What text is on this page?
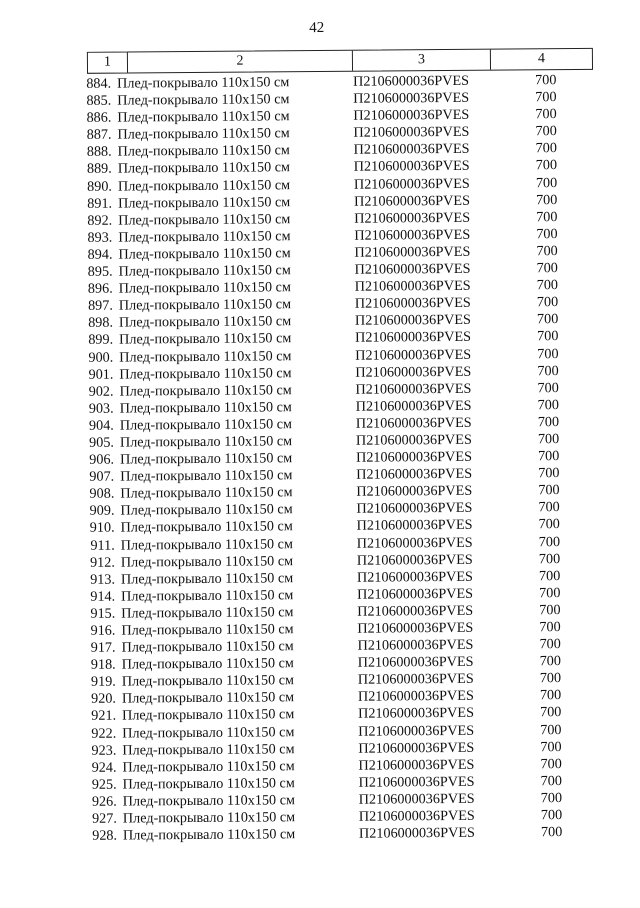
42
1	2	3	4
884. Плед-покрывало 110х150 см	П2106000036PVES	700
885. Плед-покрывало 110х150 см	П2106000036PVES	700
886. Плед-покрывало 110х150 см	П2106000036PVES	700
887. Плед-покрывало 110х150 см	П2106000036PVES	700
888. Плед-покрывало 110х150 см	П2106000036PVES	700
889. Плед-покрывало 110х150 см	П2106000036PVES	700
890. Плед-покрывало 110х150 см	П2106000036PVES	700
891. Плед-покрывало 110х150 см	П2106000036PVES	700
892. Плед-покрывало 110х150 см	П2106000036PVES	700
893. Плед-покрывало 110х150 см	П2106000036PVES	700
894. Плед-покрывало 110х150 см	П2106000036PVES	700
895. Плед-покрывало 110х150 см	П2106000036PVES	700
896. Плед-покрывало 110х150 см	П2106000036PVES	700
897. Плед-покрывало 110х150 см	П2106000036PVES	700
898. Плед-покрывало 110х150 см	П2106000036PVES	700
899. Плед-покрывало 110х150 см	П2106000036PVES	700
900. Плед-покрывало 110х150 см	П2106000036PVES	700
901. Плед-покрывало 110х150 см	П2106000036PVES	700
902. Плед-покрывало 110х150 см	П2106000036PVES	700
903. Плед-покрывало 110х150 см	П2106000036PVES	700
904. Плед-покрывало 110х150 см	П2106000036PVES	700
905. Плед-покрывало 110х150 см	П2106000036PVES	700
906. Плед-покрывало 110х150 см	П2106000036PVES	700
907. Плед-покрывало 110х150 см	П2106000036PVES	700
908. Плед-покрывало 110х150 см	П2106000036PVES	700
909. Плед-покрывало 110х150 см	П2106000036PVES	700
910. Плед-покрывало 110х150 см	П2106000036PVES	700
911. Плед-покрывало 110х150 см	П2106000036PVES	700
912. Плед-покрывало 110х150 см	П2106000036PVES	700
913. Плед-покрывало 110х150 см	П2106000036PVES	700
914. Плед-покрывало 110х150 см	П2106000036PVES	700
915. Плед-покрывало 110х150 см	П2106000036PVES	700
916. Плед-покрывало 110х150 см	П2106000036PVES	700
917. Плед-покрывало 110х150 см	П2106000036PVES	700
918. Плед-покрывало 110х150 см	П2106000036PVES	700
919. Плед-покрывало 110х150 см	П2106000036PVES	700
920. Плед-покрывало 110х150 см	П2106000036PVES	700
921. Плед-покрывало 110х150 см	П2106000036PVES	700
922. Плед-покрывало 110х150 см	П2106000036PVES	700
923. Плед-покрывало 110х150 см	П2106000036PVES	700
924. Плед-покрывало 110х150 см	П2106000036PVES	700
925. Плед-покрывало 110х150 см	П2106000036PVES	700
926. Плед-покрывало 110х150 см	П2106000036PVES	700
927. Плед-покрывало 110х150 см	П2106000036PVES	700
928. Плед-покрывало 110х150 см	П2106000036PVES	700
